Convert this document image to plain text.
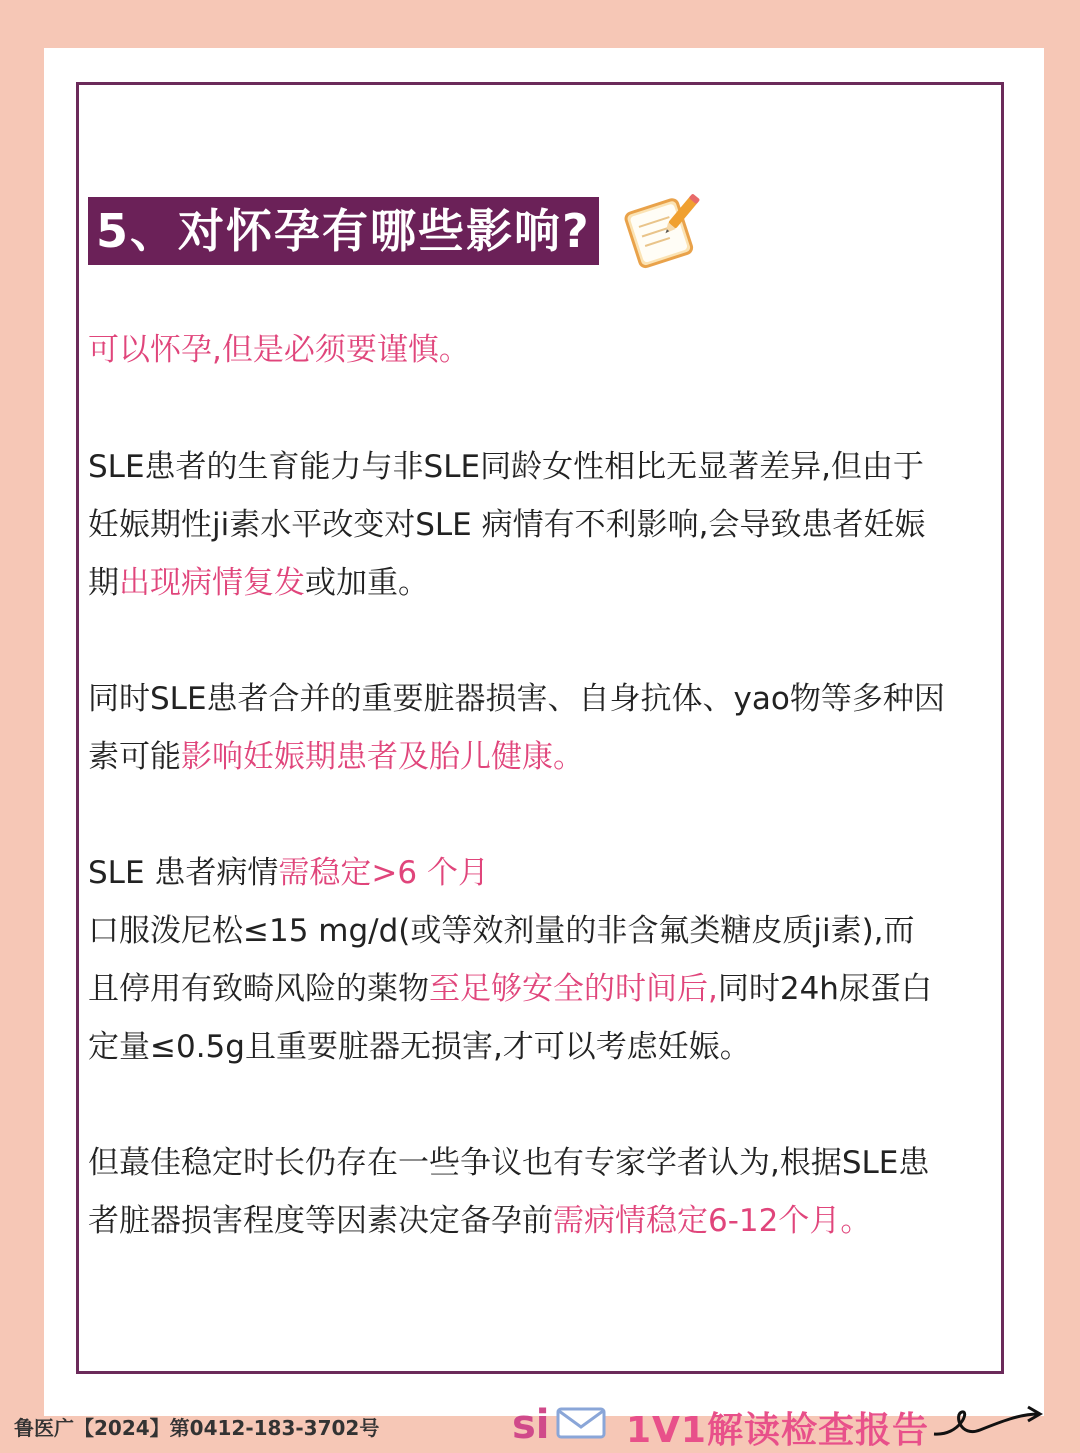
5、对怀孕有哪些影响?
可以怀孕,但是必须要谨慎。
SLE患者的生育能力与非SLE同龄女性相比无显著差异,但由于
妊娠期性ji素水平改变对SLE 病情有不利影响,会导致患者妊娠
期出现病情复发或加重。
同时SLE患者合并的重要脏器损害、自身抗体、yao物等多种因
素可能影响妊娠期患者及胎儿健康。
SLE 患者病情需稳定>6 个月
口服泼尼松≤15 mg/d(或等效剂量的非含氟类糖皮质ji素),而
且停用有致畸风险的薬物至足够安全的时间后,同时24h尿蛋白
定量≤0.5g且重要脏器无损害,才可以考虑妊娠。
但蕞佳稳定时长仍存在一些争议也有专家学者认为,根据SLE患
者脏器损害程度等因素决定备孕前需病情稳定6-12个月。
鲁医广【2024】第0412-183-3702号	si 1V1解读检查报告
